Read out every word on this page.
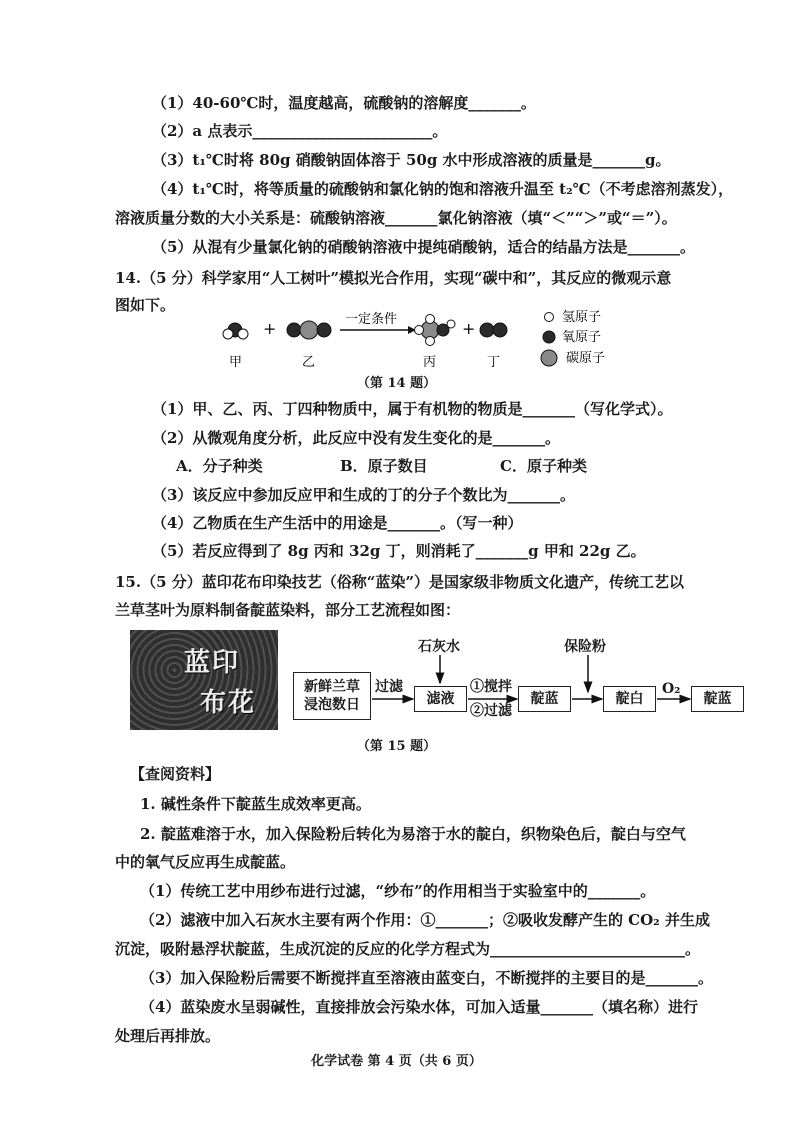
（1）40-60℃时，温度越高，硫酸钠的溶解度_______。
（2）a 点表示________________________。
（3）t₁℃时将 80g 硝酸钠固体溶于 50g 水中形成溶液的质量是_______g。
（4）t₁℃时，将等质量的硫酸钠和氯化钠的饱和溶液升温至 t₂℃（不考虑溶剂蒸发），
溶液质量分数的大小关系是：硫酸钠溶液_______氯化钠溶液（填“＜”“＞”或“＝”）。
（5）从混有少量氯化钠的硝酸钠溶液中提纯硝酸钠，适合的结晶方法是_______。
14.（5 分）科学家用“人工树叶”模拟光合作用，实现“碳中和”，其反应的微观示意
图如下。
+	一定条件	+
甲	乙	丙	丁
氢原子
氧原子
碳原子
（第 14 题）
（1）甲、乙、丙、丁四种物质中，属于有机物的物质是_______（写化学式）。
（2）从微观角度分析，此反应中没有发生变化的是_______。
A．分子种类	B．原子数目	C．原子种类
（3）该反应中参加反应甲和生成的丁的分子个数比为_______。
（4）乙物质在生产生活中的用途是_______。（写一种）
（5）若反应得到了 8g 丙和 32g 丁，则消耗了_______g 甲和 22g 乙。
15.（5 分）蓝印花布印染技艺（俗称“蓝染”）是国家级非物质文化遗产，传统工艺以
兰草茎叶为原料制备靛蓝染料，部分工艺流程如图：
蓝印
布花
新鲜兰草
浸泡数日
过滤
滤液
石灰水
①搅拌
②过滤
靛蓝
保险粉
靛白
O₂
靛蓝
（第 15 题）
【查阅资料】
1. 碱性条件下靛蓝生成效率更高。
2. 靛蓝难溶于水，加入保险粉后转化为易溶于水的靛白，织物染色后，靛白与空气
中的氧气反应再生成靛蓝。
（1）传统工艺中用纱布进行过滤，“纱布”的作用相当于实验室中的_______。
（2）滤液中加入石灰水主要有两个作用：①_______；②吸收发酵产生的 CO₂ 并生成
沉淀，吸附悬浮状靛蓝，生成沉淀的反应的化学方程式为__________________________。
（3）加入保险粉后需要不断搅拌直至溶液由蓝变白，不断搅拌的主要目的是_______。
（4）蓝染废水呈弱碱性，直接排放会污染水体，可加入适量_______（填名称）进行
处理后再排放。
化学试卷 第 4 页（共 6 页）
